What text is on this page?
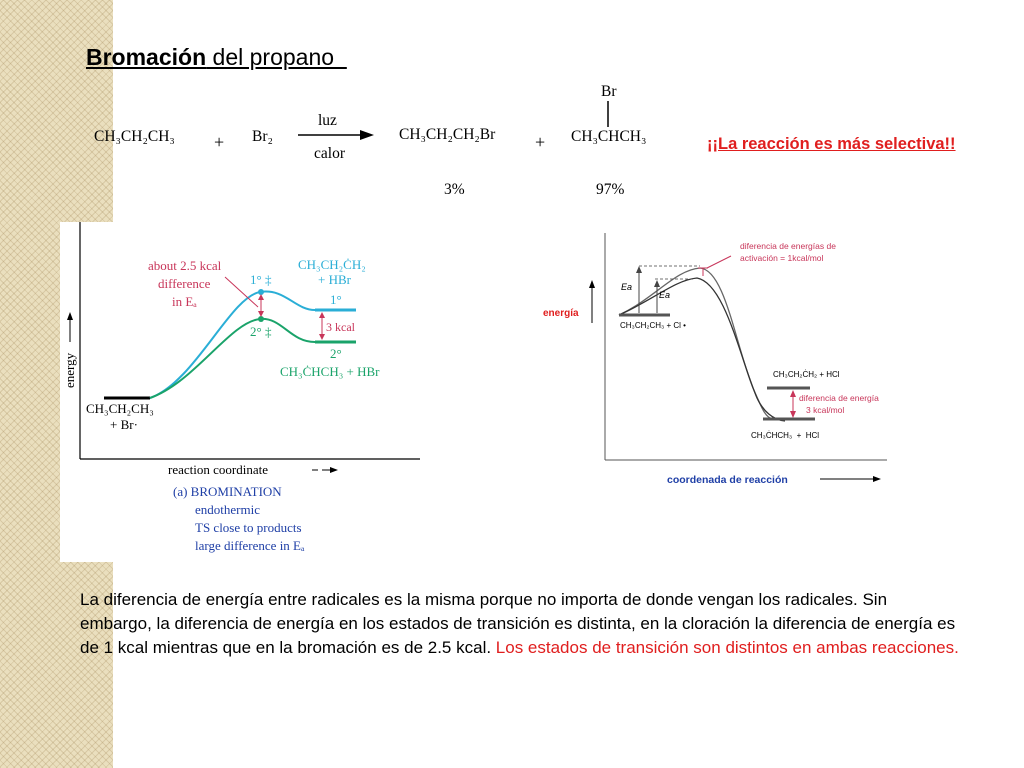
Bromación del propano
CH₃CH₂CH₃ + Br₂
luz
calor
CH₃CH₂CH₂Br +
Br
CH₃CHCH₃
3%	97%
¡¡La reacción es más selectiva!!
energy
reaction coordinate
CH₃CH₂CH₃
+ Br·
about 2.5 kcal
difference
in Eₐ
1° ‡
2° ‡
CH₃CH₂ĊH₂
+ HBr
1°
3 kcal
2°
CH₃ĊHCH₃ + HBr
(a) BROMINATION
endothermic
TS close to products
large difference in Eₐ
energía
coordenada de reacción
Ea
Ea
CH₃CH₂CH₃ + Cl •
diferencia de energías de
activación = 1kcal/mol
CH₃CH₂ĊH₂ + HCl
diferencia de energía
3 kcal/mol
CH₃ĊHCH₃  +  HCl
La diferencia de energía entre radicales es la misma porque no importa de donde vengan los radicales. Sin embargo, la diferencia de energía en los estados de transición es distinta, en la cloración la diferencia de energía es de 1 kcal mientras que en la bromación es de 2.5 kcal. Los estados de transición son distintos en ambas reacciones.
